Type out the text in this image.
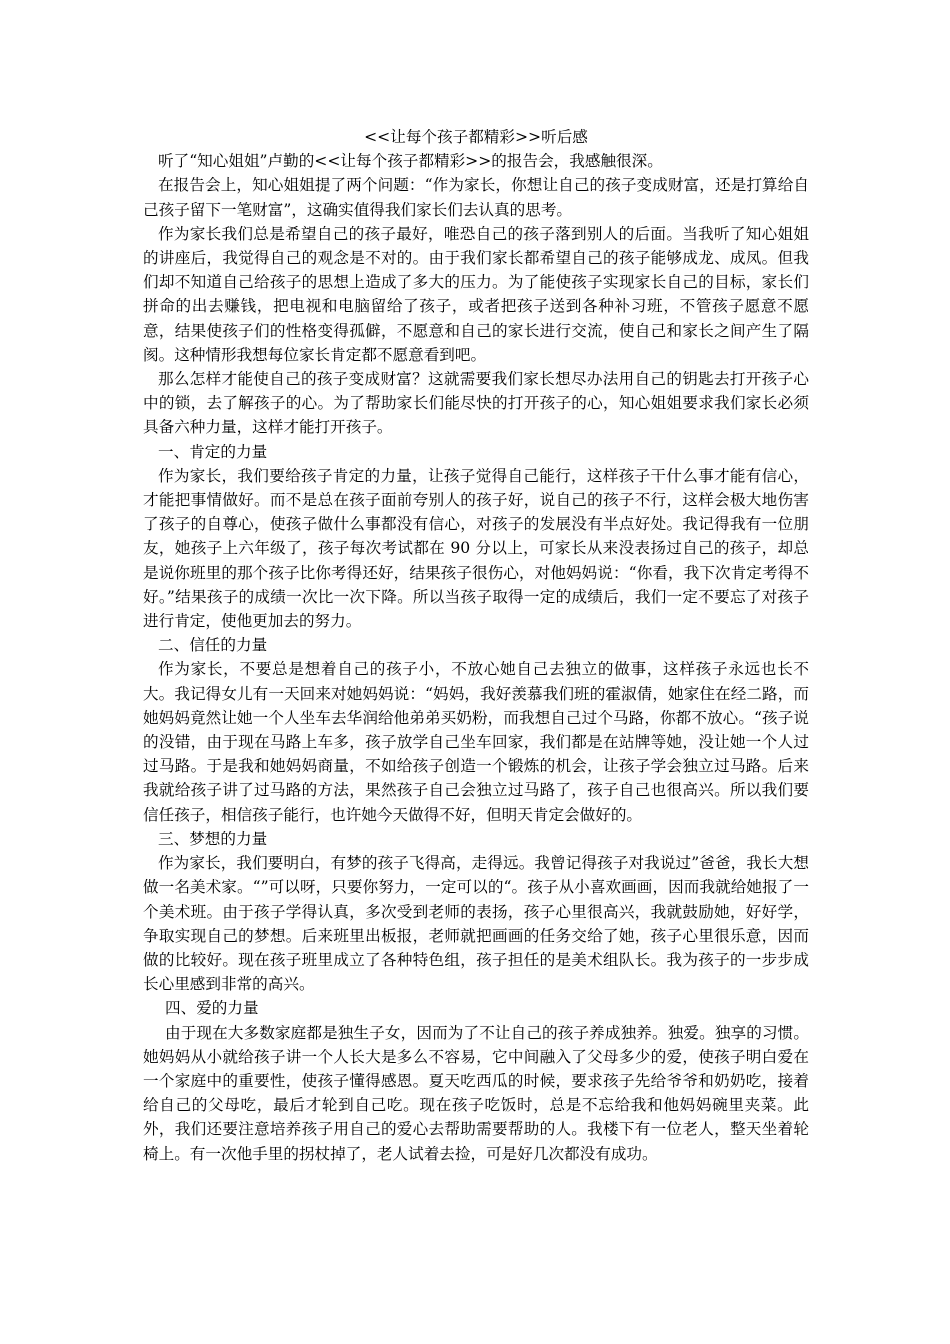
<<让每个孩子都精彩>>听后感

听了“知心姐姐”卢勤的<<让每个孩子都精彩>>的报告会，我感触很深。

在报告会上，知心姐姐提了两个问题：“作为家长，你想让自己的孩子变成财富，还是打算给自己孩子留下一笔财富”，这确实值得我们家长们去认真的思考。

作为家长我们总是希望自己的孩子最好，唯恐自己的孩子落到别人的后面。当我听了知心姐姐的讲座后，我觉得自己的观念是不对的。由于我们家长都希望自己的孩子能够成龙、成凤。但我们却不知道自己给孩子的思想上造成了多大的压力。为了能使孩子实现家长自己的目标，家长们拼命的出去赚钱，把电视和电脑留给了孩子，或者把孩子送到各种补习班，不管孩子愿意不愿意，结果使孩子们的性格变得孤僻，不愿意和自己的家长进行交流，使自己和家长之间产生了隔阂。这种情形我想每位家长肯定都不愿意看到吧。

那么怎样才能使自己的孩子变成财富？这就需要我们家长想尽办法用自己的钥匙去打开孩子心中的锁，去了解孩子的心。为了帮助家长们能尽快的打开孩子的心，知心姐姐要求我们家长必须具备六种力量，这样才能打开孩子。

一、肯定的力量

作为家长，我们要给孩子肯定的力量，让孩子觉得自己能行，这样孩子干什么事才能有信心，才能把事情做好。而不是总在孩子面前夸别人的孩子好，说自己的孩子不行，这样会极大地伤害了孩子的自尊心，使孩子做什么事都没有信心，对孩子的发展没有半点好处。我记得我有一位朋友，她孩子上六年级了，孩子每次考试都在 90 分以上，可家长从来没表扬过自己的孩子，却总是说你班里的那个孩子比你考得还好，结果孩子很伤心，对他妈妈说：“你看，我下次肯定考得不好。”结果孩子的成绩一次比一次下降。所以当孩子取得一定的成绩后，我们一定不要忘了对孩子进行肯定，使他更加去的努力。

二、信任的力量

作为家长，不要总是想着自己的孩子小，不放心她自己去独立的做事，这样孩子永远也长不大。我记得女儿有一天回来对她妈妈说：“妈妈，我好羡慕我们班的霍淑倩，她家住在经二路，而她妈妈竟然让她一个人坐车去华润给他弟弟买奶粉，而我想自己过个马路，你都不放心。“孩子说的没错，由于现在马路上车多，孩子放学自己坐车回家，我们都是在站牌等她，没让她一个人过过马路。于是我和她妈妈商量，不如给孩子创造一个锻炼的机会，让孩子学会独立过马路。后来我就给孩子讲了过马路的方法，果然孩子自己会独立过马路了，孩子自己也很高兴。所以我们要信任孩子，相信孩子能行，也许她今天做得不好，但明天肯定会做好的。

三、梦想的力量

作为家长，我们要明白，有梦的孩子飞得高，走得远。我曾记得孩子对我说过”爸爸，我长大想做一名美术家。“”可以呀，只要你努力，一定可以的“。孩子从小喜欢画画，因而我就给她报了一个美术班。由于孩子学得认真，多次受到老师的表扬，孩子心里很高兴，我就鼓励她，好好学，争取实现自己的梦想。后来班里出板报，老师就把画画的任务交给了她，孩子心里很乐意，因而做的比较好。现在孩子班里成立了各种特色组，孩子担任的是美术组队长。我为孩子的一步步成长心里感到非常的高兴。

四、爱的力量

由于现在大多数家庭都是独生子女，因而为了不让自己的孩子养成独养。独爱。独享的习惯。她妈妈从小就给孩子讲一个人长大是多么不容易，它中间融入了父母多少的爱，使孩子明白爱在一个家庭中的重要性，使孩子懂得感恩。夏天吃西瓜的时候，要求孩子先给爷爷和奶奶吃，接着给自己的父母吃，最后才轮到自己吃。现在孩子吃饭时，总是不忘给我和他妈妈碗里夹菜。此外，我们还要注意培养孩子用自己的爱心去帮助需要帮助的人。我楼下有一位老人，整天坐着轮椅上。有一次他手里的拐杖掉了，老人试着去捡，可是好几次都没有成功。
